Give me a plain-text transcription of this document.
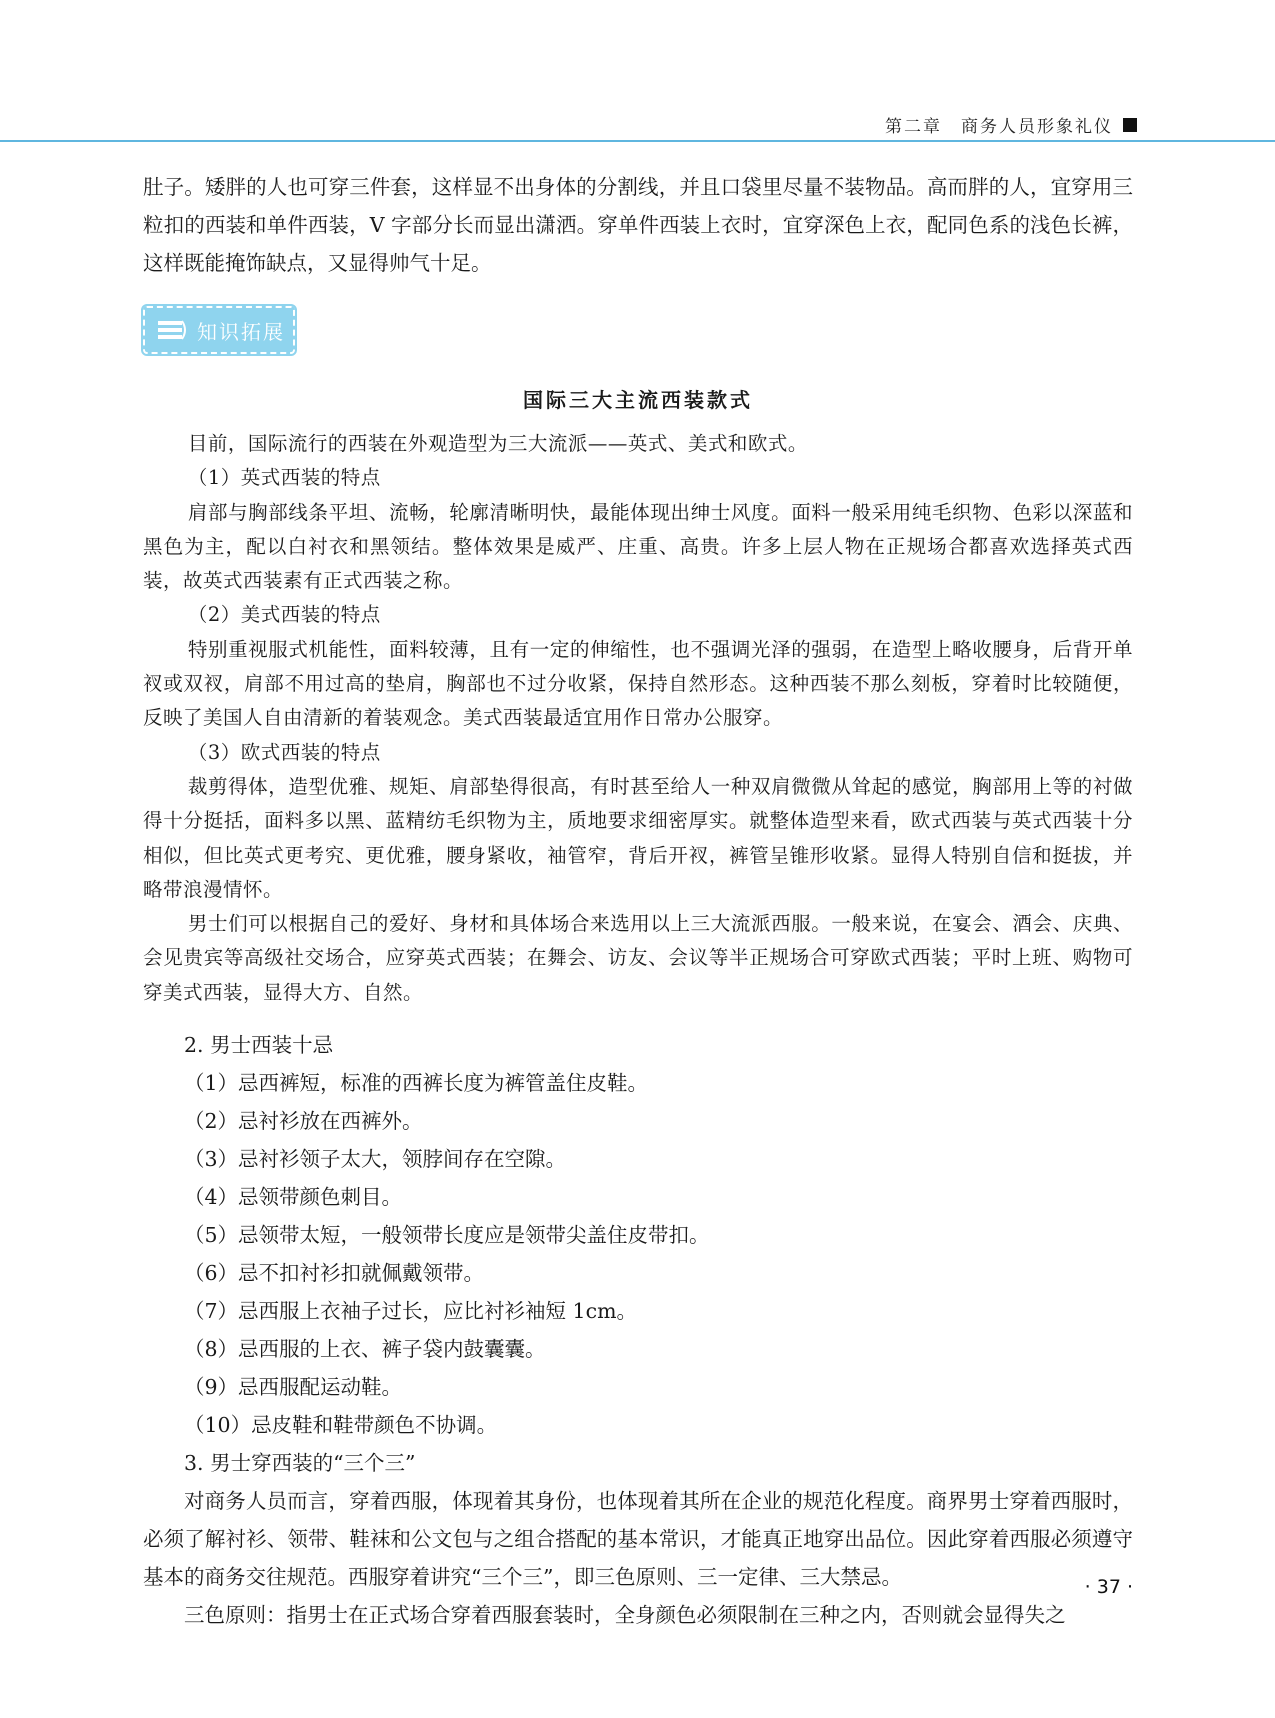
第二章　商务人员形象礼仪

肚子。矮胖的人也可穿三件套，这样显不出身体的分割线，并且口袋里尽量不装物品。高而胖的人，宜穿用三粒扣的西装和单件西装，V 字部分长而显出潇洒。穿单件西装上衣时，宜穿深色上衣，配同色系的浅色长裤，这样既能掩饰缺点，又显得帅气十足。

知识拓展
国际三大主流西装款式

目前，国际流行的西装在外观造型为三大流派——英式、美式和欧式。

（1）英式西装的特点

肩部与胸部线条平坦、流畅，轮廓清晰明快，最能体现出绅士风度。面料一般采用纯毛织物、色彩以深蓝和黑色为主，配以白衬衣和黑领结。整体效果是威严、庄重、高贵。许多上层人物在正规场合都喜欢选择英式西装，故英式西装素有正式西装之称。

（2）美式西装的特点

特别重视服式机能性，面料较薄，且有一定的伸缩性，也不强调光泽的强弱，在造型上略收腰身，后背开单衩或双衩，肩部不用过高的垫肩，胸部也不过分收紧，保持自然形态。这种西装不那么刻板，穿着时比较随便，反映了美国人自由清新的着装观念。美式西装最适宜用作日常办公服穿。

（3）欧式西装的特点

裁剪得体，造型优雅、规矩、肩部垫得很高，有时甚至给人一种双肩微微从耸起的感觉，胸部用上等的衬做得十分挺括，面料多以黑、蓝精纺毛织物为主，质地要求细密厚实。就整体造型来看，欧式西装与英式西装十分相似，但比英式更考究、更优雅，腰身紧收，袖管窄，背后开衩，裤管呈锥形收紧。显得人特别自信和挺拔，并略带浪漫情怀。

男士们可以根据自己的爱好、身材和具体场合来选用以上三大流派西服。一般来说，在宴会、酒会、庆典、会见贵宾等高级社交场合，应穿英式西装；在舞会、访友、会议等半正规场合可穿欧式西装；平时上班、购物可穿美式西装，显得大方、自然。

2. 男士西装十忌

（1）忌西裤短，标准的西裤长度为裤管盖住皮鞋。

（2）忌衬衫放在西裤外。

（3）忌衬衫领子太大，领脖间存在空隙。

（4）忌领带颜色刺目。

（5）忌领带太短，一般领带长度应是领带尖盖住皮带扣。

（6）忌不扣衬衫扣就佩戴领带。

（7）忌西服上衣袖子过长，应比衬衫袖短 1cm。

（8）忌西服的上衣、裤子袋内鼓囊囊。

（9）忌西服配运动鞋。

（10）忌皮鞋和鞋带颜色不协调。

3. 男士穿西装的“三个三”

对商务人员而言，穿着西服，体现着其身份，也体现着其所在企业的规范化程度。商界男士穿着西服时，必须了解衬衫、领带、鞋袜和公文包与之组合搭配的基本常识，才能真正地穿出品位。因此穿着西服必须遵守基本的商务交往规范。西服穿着讲究“三个三”，即三色原则、三一定律、三大禁忌。

三色原则：指男士在正式场合穿着西服套装时，全身颜色必须限制在三种之内，否则就会显得失之

· 37 ·
